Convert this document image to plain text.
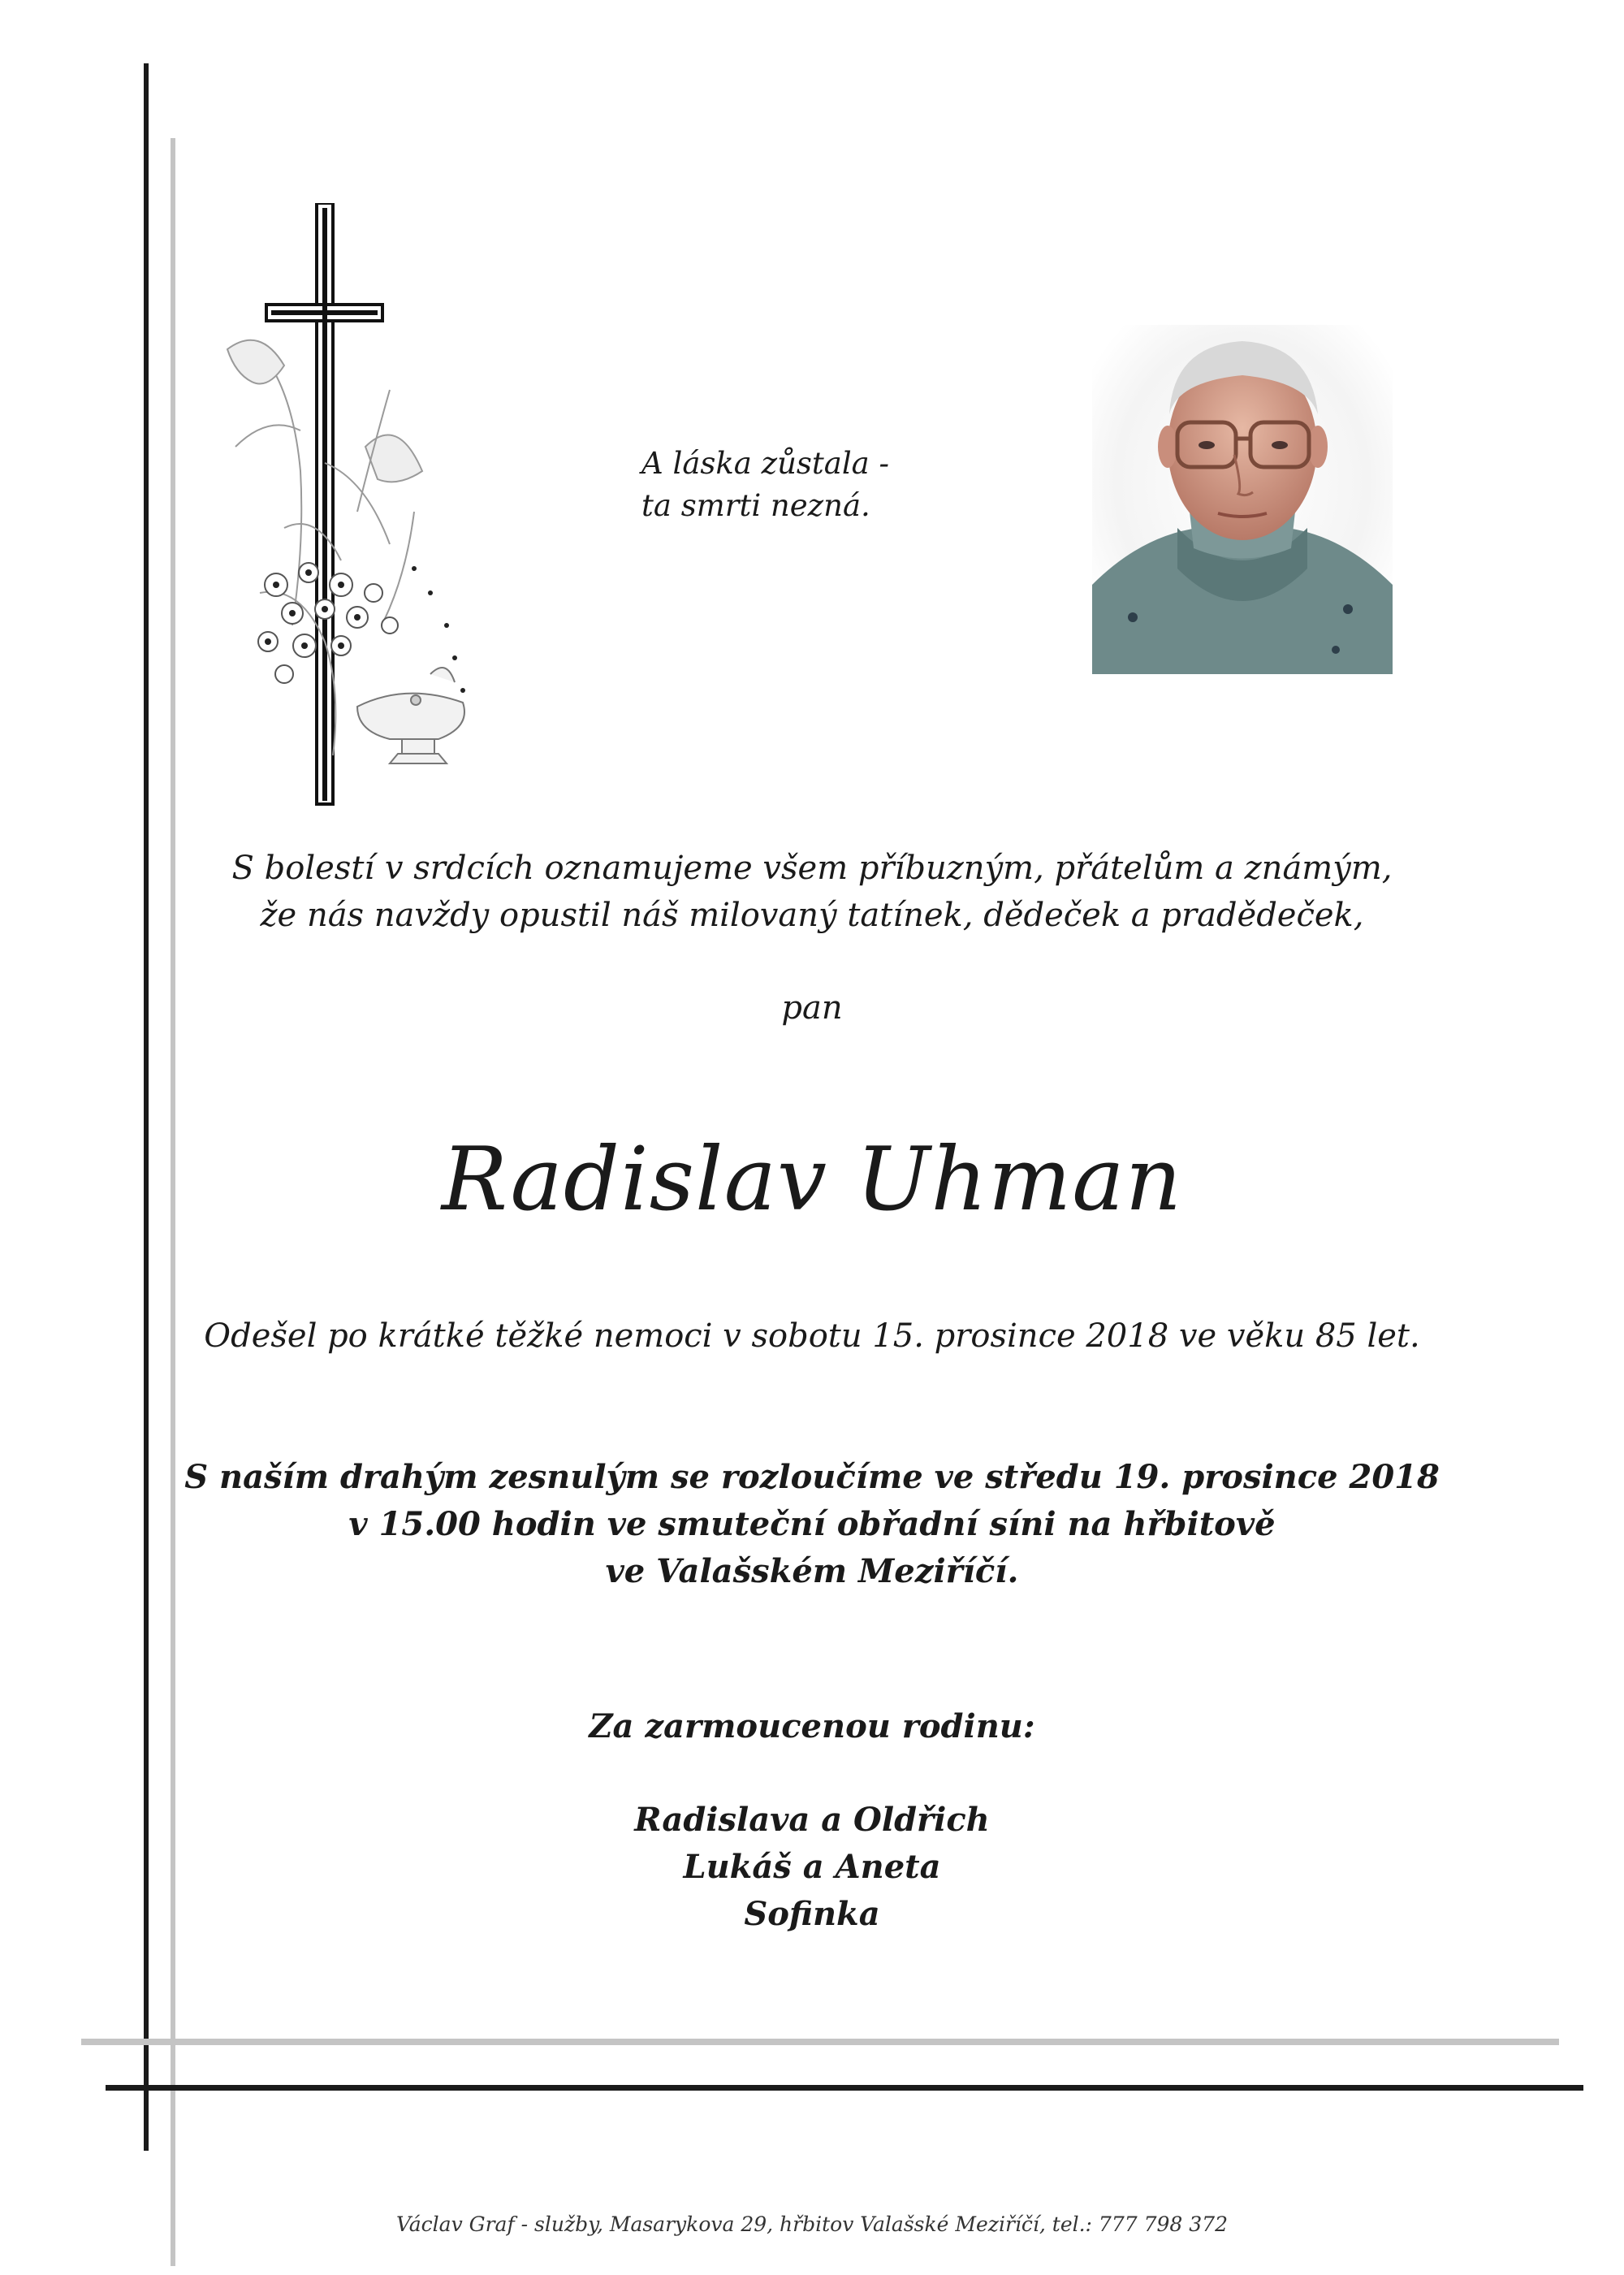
A láska zůstala -
ta smrti nezná.
S bolestí v srdcích oznamujeme všem příbuzným, přátelům a známým,
že nás navždy opustil náš milovaný tatínek, dědeček a pradědeček,
pan
Radislav Uhman
Odešel po krátké těžké nemoci v sobotu 15. prosince 2018 ve věku 85 let.
S naším drahým zesnulým se rozloučíme ve středu 19. prosince 2018
v 15.00 hodin ve smuteční obřadní síni na hřbitově
ve Valašském Meziříčí.
Za zarmoucenou rodinu:
Radislava a Oldřich
Lukáš a Aneta
Sofinka
Václav Graf - služby, Masarykova 29, hřbitov Valašské Meziříčí, tel.: 777 798 372
